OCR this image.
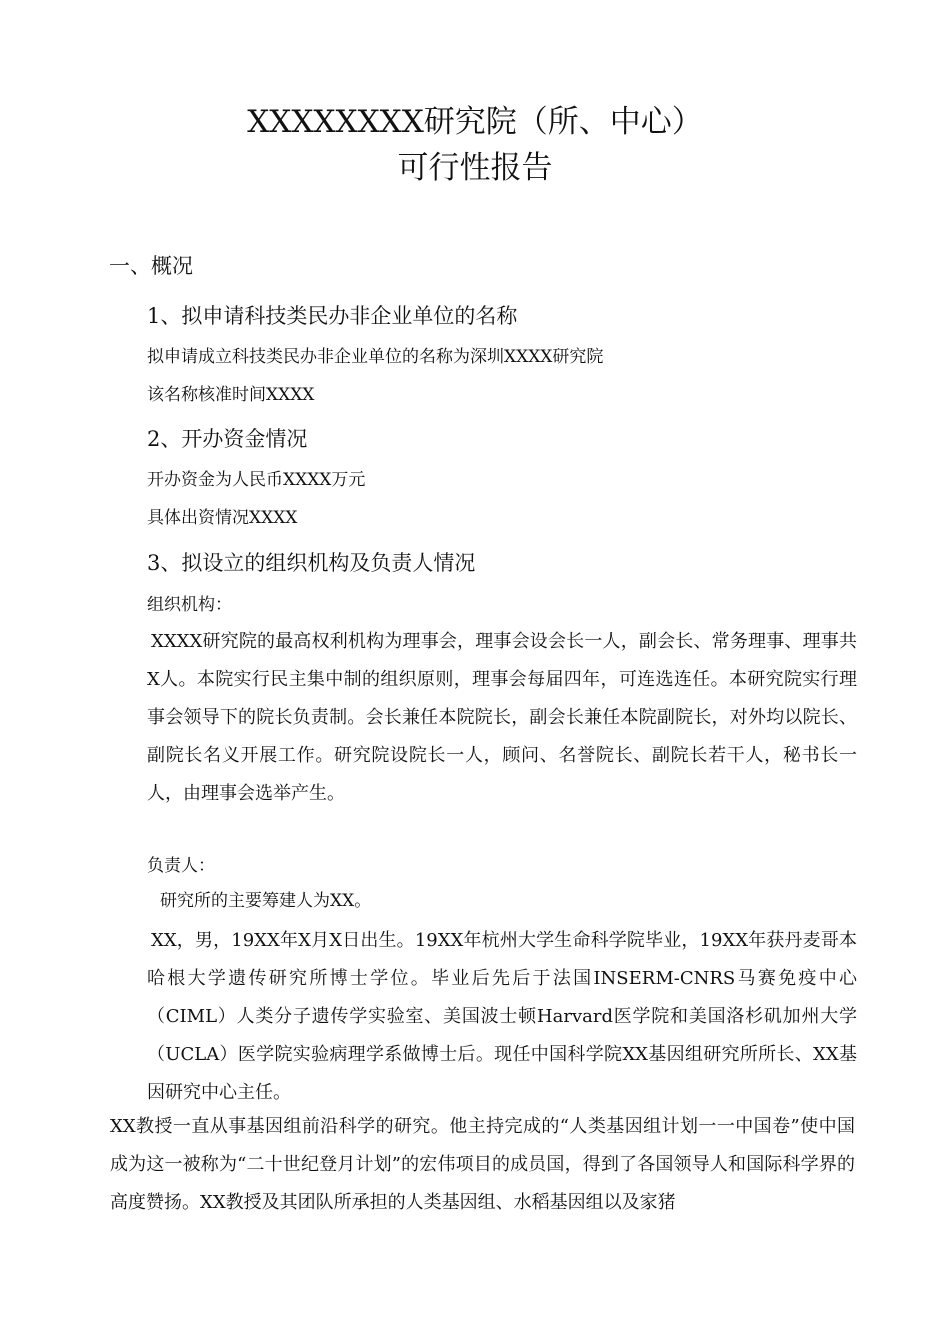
XXXXXXXX研究院（所、中心）
可行性报告
一、概况
1、拟申请科技类民办非企业单位的名称
拟申请成立科技类民办非企业单位的名称为深圳XXXX研究院
该名称核准时间XXXX
2、开办资金情况
开办资金为人民币XXXX万元
具体出资情况XXXX
3、拟设立的组织机构及负责人情况
组织机构：
XXXX研究院的最高权利机构为理事会，理事会设会长一人，副会长、常务理事、理事共X人。本院实行民主集中制的组织原则，理事会每届四年，可连选连任。本研究院实行理事会领导下的院长负责制。会长兼任本院院长，副会长兼任本院副院长，对外均以院长、副院长名义开展工作。研究院设院长一人，顾问、名誉院长、副院长若干人，秘书长一人，由理事会选举产生。
负责人：
研究所的主要筹建人为XX。
XX，男，19XX年X月X日出生。19XX年杭州大学生命科学院毕业，19XX年获丹麦哥本哈根大学遗传研究所博士学位。毕业后先后于法国INSERM-CNRS马赛免疫中心（CIML）人类分子遗传学实验室、美国波士顿Harvard医学院和美国洛杉矶加州大学（UCLA）医学院实验病理学系做博士后。现任中国科学院XX基因组研究所所长、XX基因研究中心主任。
XX教授一直从事基因组前沿科学的研究。他主持完成的“人类基因组计划一一中国卷”使中国成为这一被称为“二十世纪登月计划”的宏伟项目的成员国，得到了各国领导人和国际科学界的高度赞扬。XX教授及其团队所承担的人类基因组、水稻基因组以及家猪
